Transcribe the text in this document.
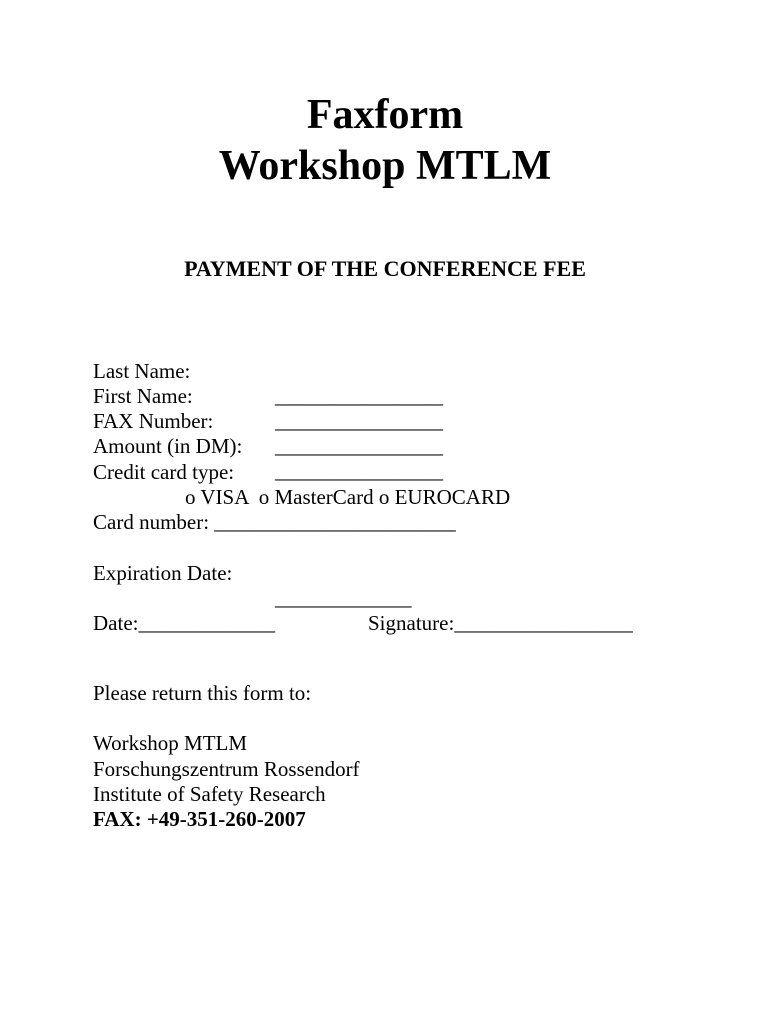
Faxform
Workshop MTLM
PAYMENT OF THE CONFERENCE FEE

Last Name:

________________

First Name:

________________

FAX Number:

________________

Amount (in DM):

________________

Credit card type:
o VISA  o MasterCard o EUROCARD
Card number: _______________________

Expiration Date:

_____________

Date:_____________	Signature:_________________
Please return this form to:
Workshop MTLM
Forschungszentrum Rossendorf
Institute of Safety Research
FAX: +49-351-260-2007
